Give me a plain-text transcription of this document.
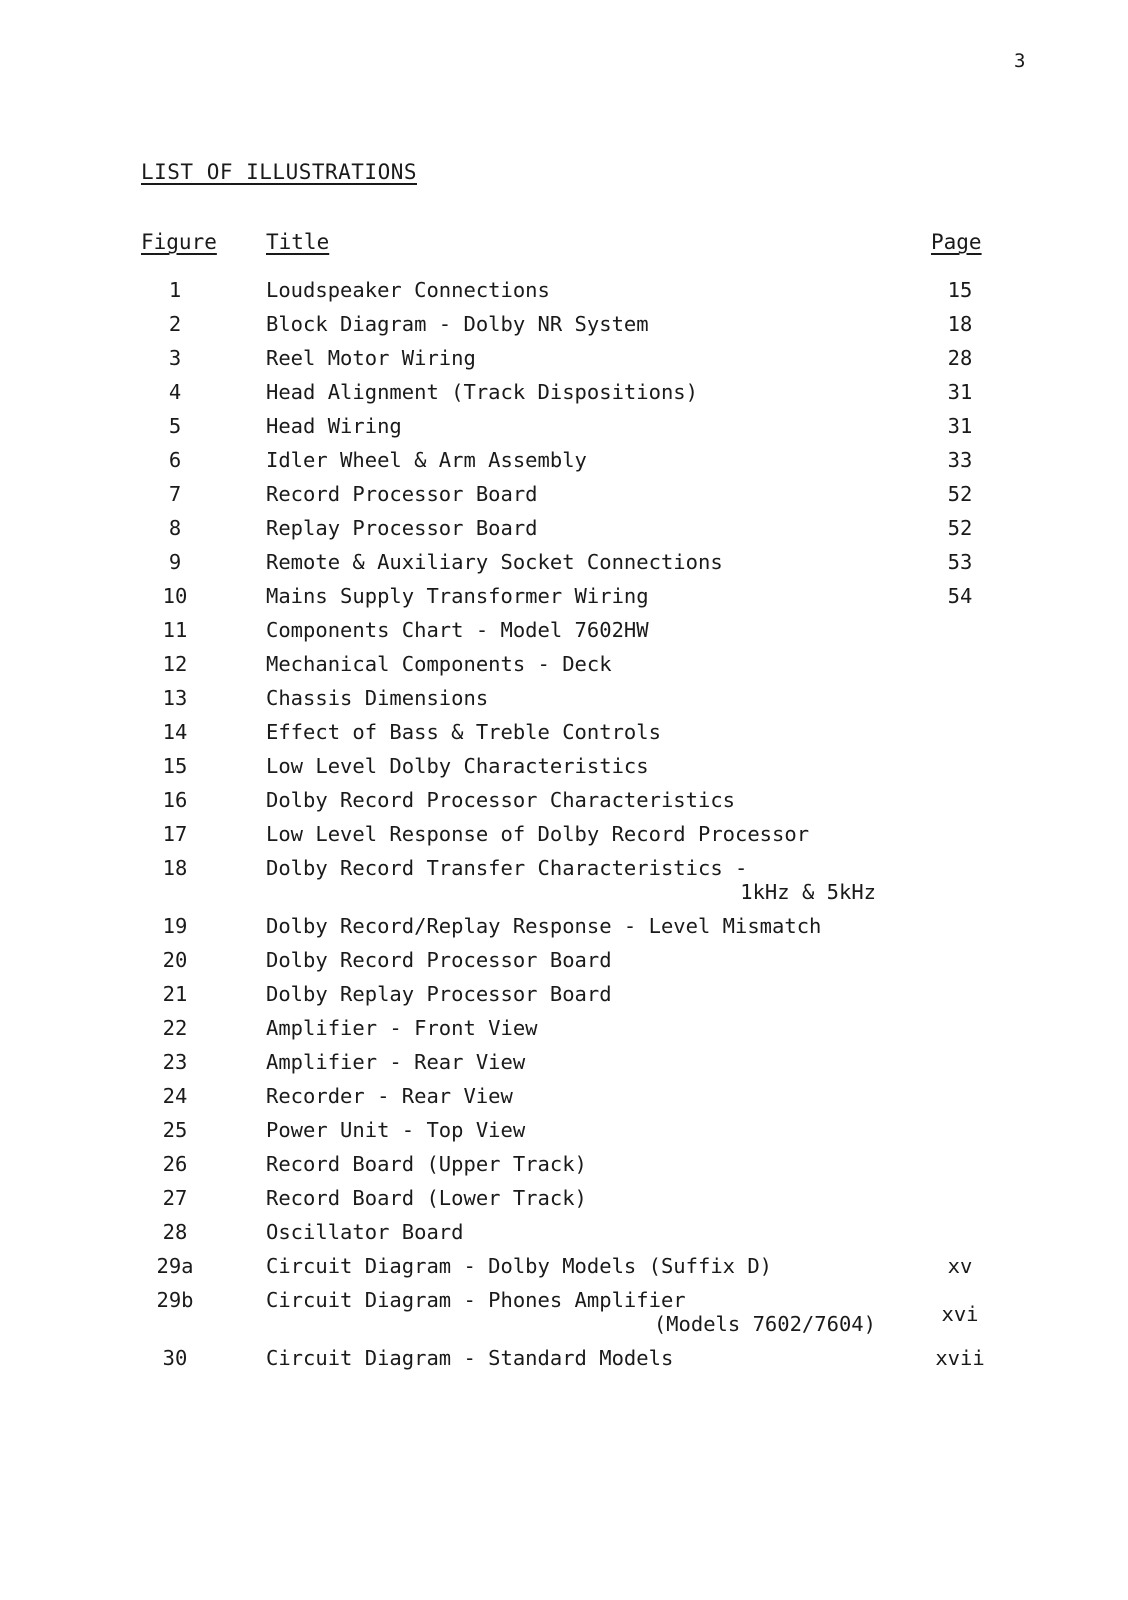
3
LIST OF ILLUSTRATIONS
Figure Title	Page
1	Loudspeaker Connections	15
2	Block Diagram - Dolby NR System	18
3	Reel Motor Wiring	28
4	Head Alignment (Track Dispositions)	31
5	Head Wiring	31
6	Idler Wheel & Arm Assembly	33
7	Record Processor Board	52
8	Replay Processor Board	52
9	Remote & Auxiliary Socket Connections	53
10	Mains Supply Transformer Wiring	54
11	Components Chart - Model 7602HW
12	Mechanical Components - Deck
13	Chassis Dimensions
14	Effect of Bass & Treble Controls
15	Low Level Dolby Characteristics
16	Dolby Record Processor Characteristics
17	Low Level Response of Dolby Record Processor
18	Dolby Record Transfer Characteristics -
1kHz & 5kHz
19	Dolby Record/Replay Response - Level Mismatch
20	Dolby Record Processor Board
21	Dolby Replay Processor Board
22	Amplifier - Front View
23	Amplifier - Rear View
24	Recorder - Rear View
25	Power Unit - Top View
26	Record Board (Upper Track)
27	Record Board (Lower Track)
28	Oscillator Board
29a	Circuit Diagram - Dolby Models (Suffix D)	xv
29b	Circuit Diagram - Phones Amplifier
(Models 7602/7604)	xvi
30	Circuit Diagram - Standard Models	xvii
